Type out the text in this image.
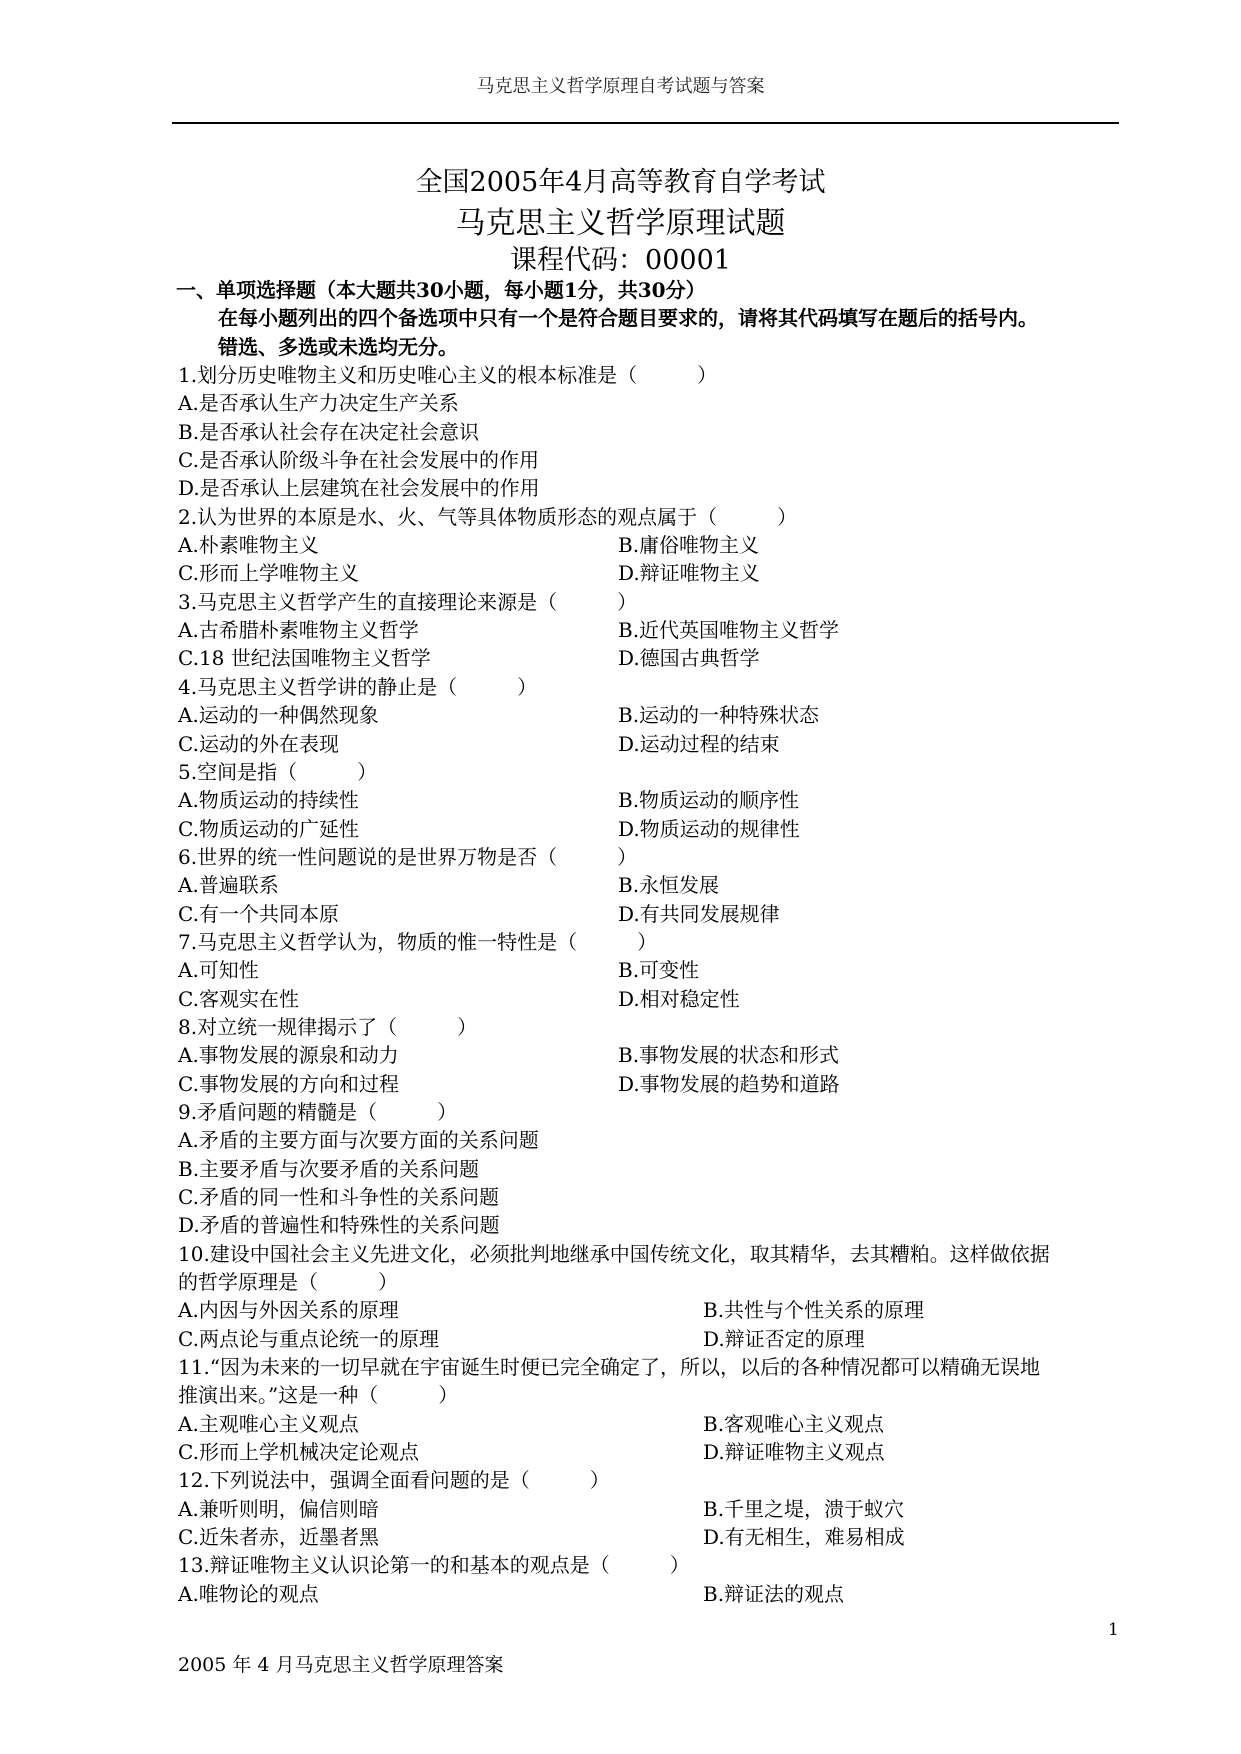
马克思主义哲学原理自考试题与答案
全国2005年4月高等教育自学考试
马克思主义哲学原理试题
课程代码：00001
一、单项选择题（本大题共30小题，每小题1分，共30分）
在每小题列出的四个备选项中只有一个是符合题目要求的，请将其代码填写在题后的括号内。
错选、多选或未选均无分。
1.划分历史唯物主义和历史唯心主义的根本标准是（　　　）
A.是否承认生产力决定生产关系
B.是否承认社会存在决定社会意识
C.是否承认阶级斗争在社会发展中的作用
D.是否承认上层建筑在社会发展中的作用
2.认为世界的本原是水、火、气等具体物质形态的观点属于（　　　）
A.朴素唯物主义	B.庸俗唯物主义
C.形而上学唯物主义	D.辩证唯物主义
3.马克思主义哲学产生的直接理论来源是（　　　）
A.古希腊朴素唯物主义哲学	B.近代英国唯物主义哲学
C.18 世纪法国唯物主义哲学	D.德国古典哲学
4.马克思主义哲学讲的静止是（　　　）
A.运动的一种偶然现象	B.运动的一种特殊状态
C.运动的外在表现	D.运动过程的结束
5.空间是指（　　　）
A.物质运动的持续性	B.物质运动的顺序性
C.物质运动的广延性	D.物质运动的规律性
6.世界的统一性问题说的是世界万物是否（　　　）
A.普遍联系	B.永恒发展
C.有一个共同本原	D.有共同发展规律
7.马克思主义哲学认为，物质的惟一特性是（　　　）
A.可知性	B.可变性
C.客观实在性	D.相对稳定性
8.对立统一规律揭示了（　　　）
A.事物发展的源泉和动力	B.事物发展的状态和形式
C.事物发展的方向和过程	D.事物发展的趋势和道路
9.矛盾问题的精髓是（　　　）
A.矛盾的主要方面与次要方面的关系问题
B.主要矛盾与次要矛盾的关系问题
C.矛盾的同一性和斗争性的关系问题
D.矛盾的普遍性和特殊性的关系问题
10.建设中国社会主义先进文化，必须批判地继承中国传统文化，取其精华，去其糟粕。这样做依据
的哲学原理是（　　　）
A.内因与外因关系的原理	B.共性与个性关系的原理
C.两点论与重点论统一的原理	D.辩证否定的原理
11.“因为未来的一切早就在宇宙诞生时便已完全确定了，所以，以后的各种情况都可以精确无误地
推演出来。”这是一种（　　　）
A.主观唯心主义观点	B.客观唯心主义观点
C.形而上学机械决定论观点	D.辩证唯物主义观点
12.下列说法中，强调全面看问题的是（　　　）
A.兼听则明，偏信则暗	B.千里之堤，溃于蚁穴
C.近朱者赤，近墨者黑	D.有无相生，难易相成
13.辩证唯物主义认识论第一的和基本的观点是（　　　）
A.唯物论的观点	B.辩证法的观点
1
2005 年 4 月马克思主义哲学原理答案
